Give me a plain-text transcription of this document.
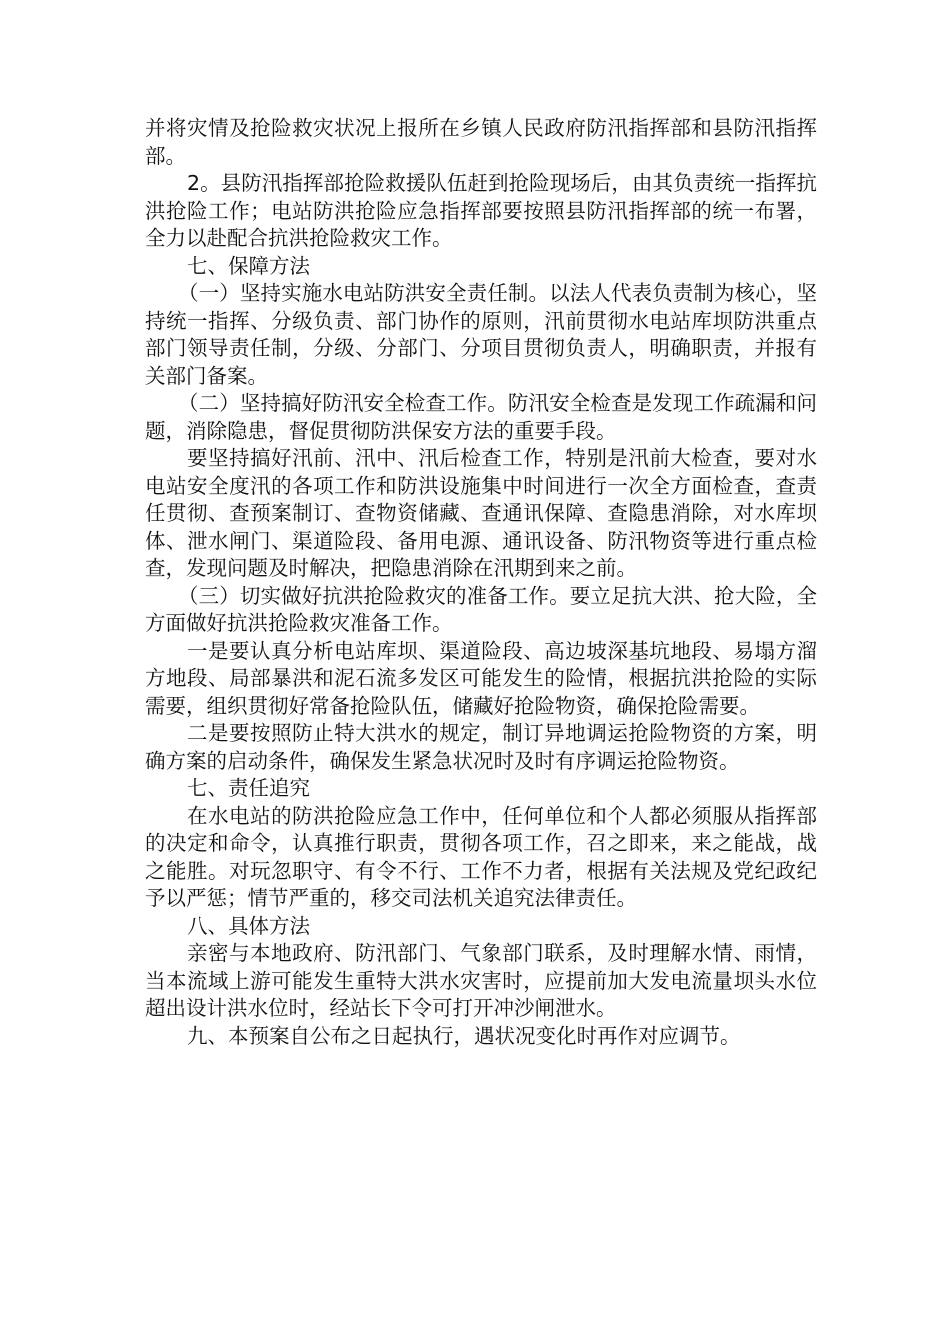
并将灾情及抢险救灾状况上报所在乡镇人民政府防汛指挥部和县防汛指挥部。

2。县防汛指挥部抢险救援队伍赶到抢险现场后，由其负责统一指挥抗洪抢险工作；电站防洪抢险应急指挥部要按照县防汛指挥部的统一布署，全力以赴配合抗洪抢险救灾工作。

七、保障方法

（一）坚持实施水电站防洪安全责任制。以法人代表负责制为核心，坚持统一指挥、分级负责、部门协作的原则，汛前贯彻水电站库坝防洪重点部门领导责任制，分级、分部门、分项目贯彻负责人，明确职责，并报有关部门备案。

（二）坚持搞好防汛安全检查工作。防汛安全检查是发现工作疏漏和问题，消除隐患，督促贯彻防洪保安方法的重要手段。

要坚持搞好汛前、汛中、汛后检查工作，特别是汛前大检查，要对水电站安全度汛的各项工作和防洪设施集中时间进行一次全方面检查，查责任贯彻、查预案制订、查物资储藏、查通讯保障、查隐患消除，对水库坝体、泄水闸门、渠道险段、备用电源、通讯设备、防汛物资等进行重点检查，发现问题及时解决，把隐患消除在汛期到来之前。

（三）切实做好抗洪抢险救灾的准备工作。要立足抗大洪、抢大险，全方面做好抗洪抢险救灾准备工作。

一是要认真分析电站库坝、渠道险段、高边坡深基坑地段、易塌方溜方地段、局部暴洪和泥石流多发区可能发生的险情，根据抗洪抢险的实际需要，组织贯彻好常备抢险队伍，储藏好抢险物资，确保抢险需要。

二是要按照防止特大洪水的规定，制订异地调运抢险物资的方案，明确方案的启动条件，确保发生紧急状况时及时有序调运抢险物资。

七、责任追究

在水电站的防洪抢险应急工作中，任何单位和个人都必须服从指挥部的决定和命令，认真推行职责，贯彻各项工作，召之即来，来之能战，战之能胜。对玩忽职守、有令不行、工作不力者，根据有关法规及党纪政纪予以严惩；情节严重的，移交司法机关追究法律责任。

八、具体方法

亲密与本地政府、防汛部门、气象部门联系，及时理解水情、雨情，当本流域上游可能发生重特大洪水灾害时，应提前加大发电流量坝头水位超出设计洪水位时，经站长下令可打开冲沙闸泄水。

九、本预案自公布之日起执行，遇状况变化时再作对应调节。
